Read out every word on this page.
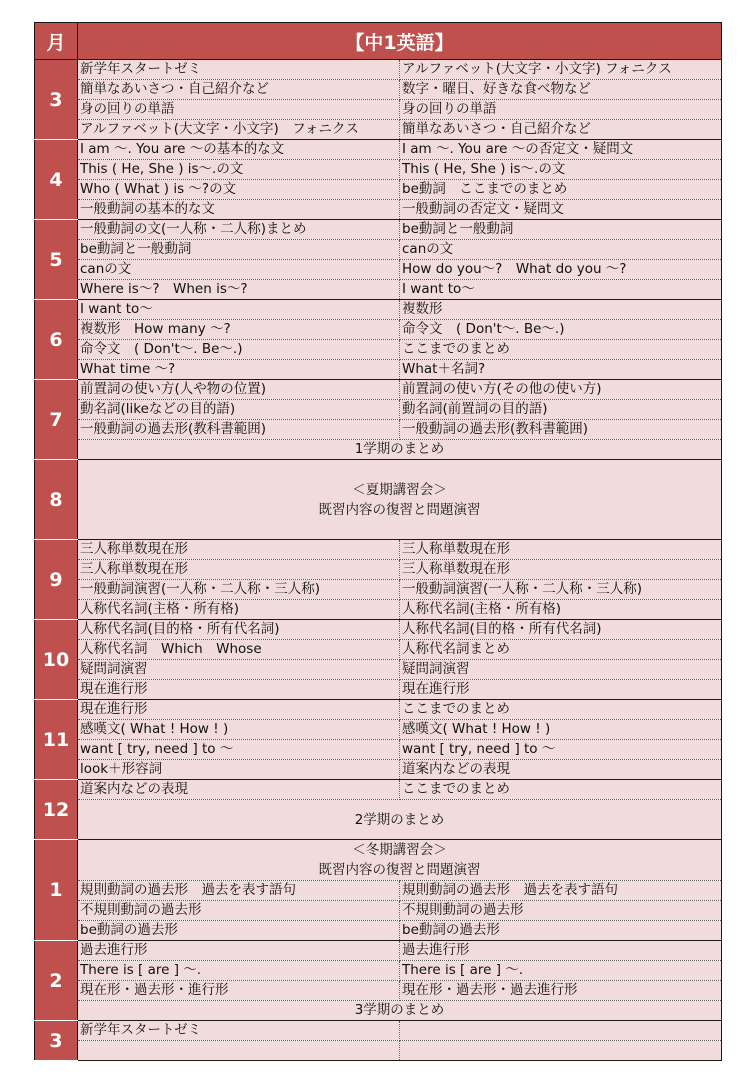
月	【中1英語】	
3	新学年スタートゼミ	アルファベット(大文字・小文字) フォニクス
	簡単なあいさつ・自己紹介など	数字・曜日、好きな食べ物など
	身の回りの単語	身の回りの単語
	アルファベット(大文字・小文字)　フォニクス	簡単なあいさつ・自己紹介など
4	I am ～. You are ～の基本的な文	I am ～. You are ～の否定文・疑問文
	This ( He, She ) is～.の文	This ( He, She ) is～.の文
	Who ( What ) is ～?の文	be動詞　ここまでのまとめ
	一般動詞の基本的な文	一般動詞の否定文・疑問文
5	一般動詞の文(一人称・二人称)まとめ	be動詞と一般動詞
	be動詞と一般動詞	canの文
	canの文	How do you～?　What do you ～?
	Where is～?　When is～?	I want to～
6	I want to～	複数形
	複数形　How many ～?	命令文　( Don't～. Be～.)
	命令文　( Don't～. Be～.)	ここまでのまとめ
	What time ～?	What＋名詞?
7	前置詞の使い方(人や物の位置)	前置詞の使い方(その他の使い方)
	動名詞(likeなどの目的語)	動名詞(前置詞の目的語)
	一般動詞の過去形(教科書範囲)	一般動詞の過去形(教科書範囲)
	1学期のまとめ	
8	＜夏期講習会＞
既習内容の復習と問題演習	

9	三人称単数現在形	三人称単数現在形
	三人称単数現在形	三人称単数現在形
	一般動詞演習(一人称・二人称・三人称)	一般動詞演習(一人称・二人称・三人称)
	人称代名詞(主格・所有格)	人称代名詞(主格・所有格)
10	人称代名詞(目的格・所有代名詞)	人称代名詞(目的格・所有代名詞)
	人称代名詞　Which　Whose	人称代名詞まとめ
	疑問詞演習	疑問詞演習
	現在進行形	現在進行形
11	現在進行形	ここまでのまとめ
	感嘆文( What ! How ! )	感嘆文( What ! How ! )
	want [ try, need ] to ～	want [ try, need ] to ～
	look＋形容詞	道案内などの表現
12	道案内などの表現	ここまでのまとめ

	2学期のまとめ	

1	＜冬期講習会＞
既習内容の復習と問題演習	

	規則動詞の過去形　過去を表す語句	規則動詞の過去形　過去を表す語句
	不規則動詞の過去形	不規則動詞の過去形
	be動詞の過去形	be動詞の過去形
2	過去進行形	過去進行形
	There is [ are ] ～.	There is [ are ] ～.
	現在形・過去形・進行形	現在形・過去形・過去進行形
	3学期のまとめ	
3	新学年スタートゼミ	
